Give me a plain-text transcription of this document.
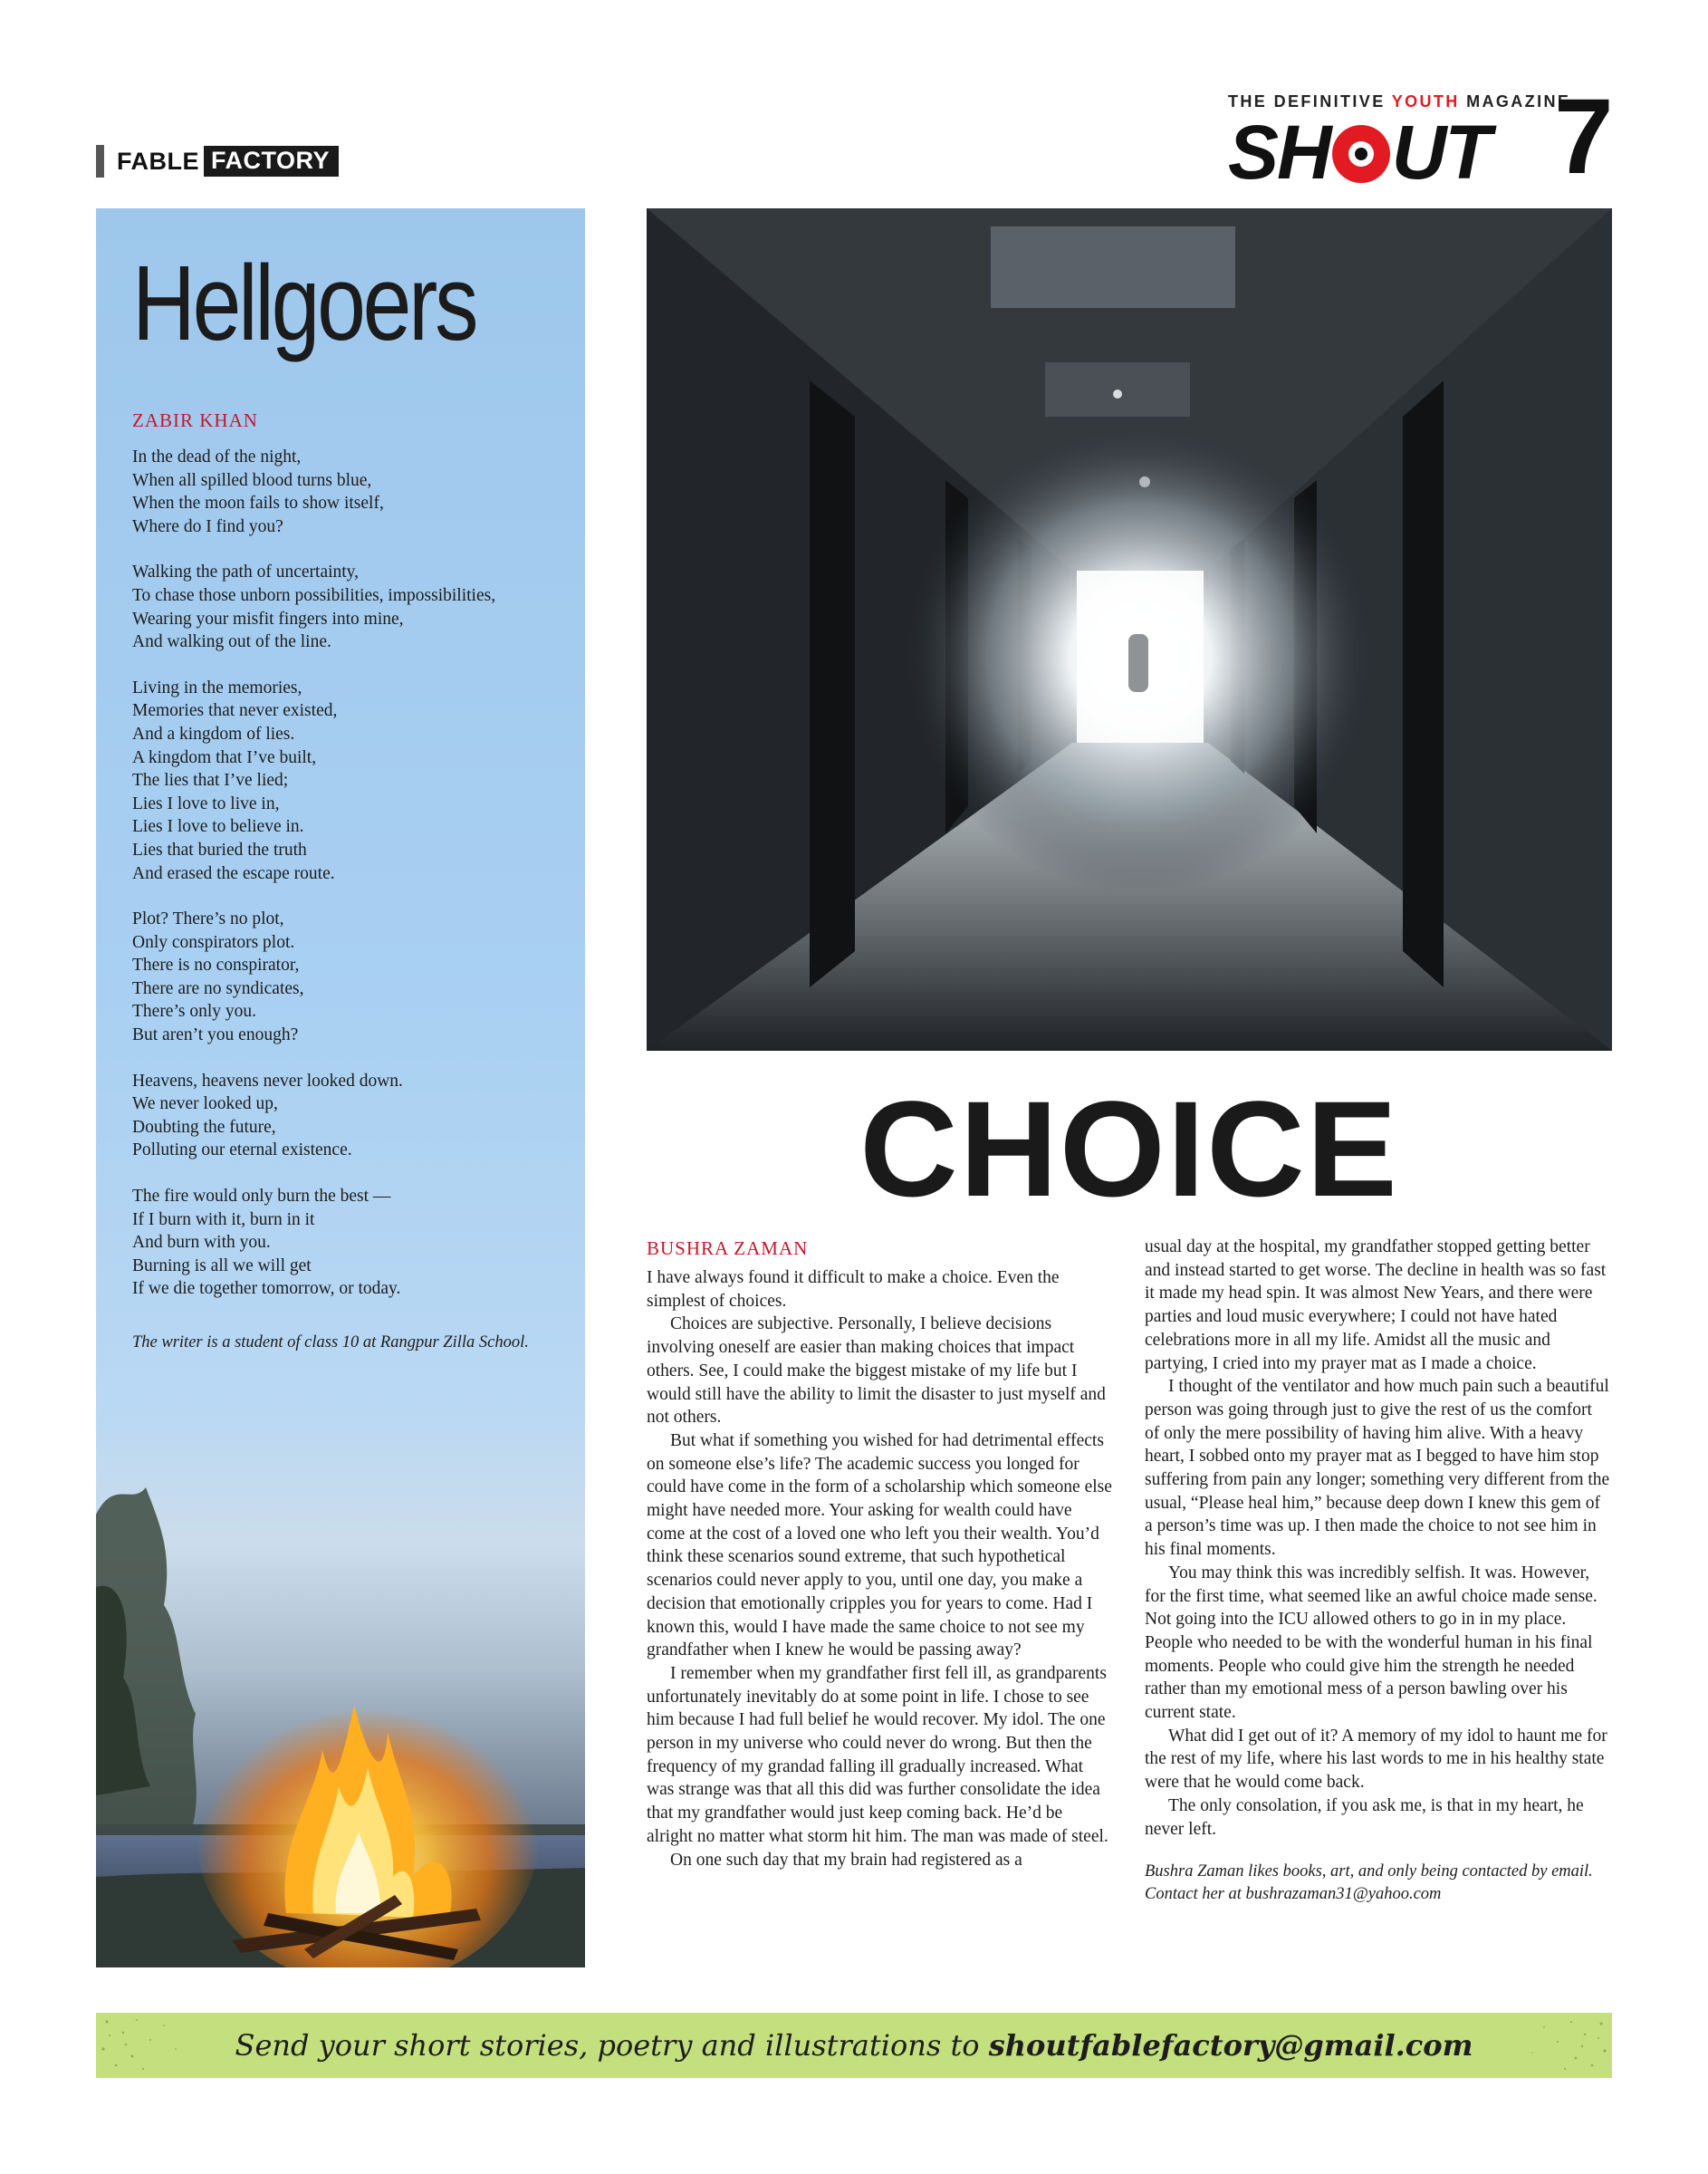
FABLE FACTORY
THE DEFINITIVE YOUTH MAGAZINE
SH UT 7
Hellgoers
ZABIR KHAN
In the dead of the night,
When all spilled blood turns blue,
When the moon fails to show itself,
Where do I find you?
Walking the path of uncertainty,
To chase those unborn possibilities, impossibilities,
Wearing your misfit fingers into mine,
And walking out of the line.
Living in the memories,
Memories that never existed,
And a kingdom of lies.
A kingdom that I’ve built,
The lies that I’ve lied;
Lies I love to live in,
Lies I love to believe in.
Lies that buried the truth
And erased the escape route.
Plot? There’s no plot,
Only conspirators plot.
There is no conspirator,
There are no syndicates,
There’s only you.
But aren’t you enough?
Heavens, heavens never looked down.
We never looked up,
Doubting the future,
Polluting our eternal existence.
The fire would only burn the best —
If I burn with it, burn in it
And burn with you.
Burning is all we will get
If we die together tomorrow, or today.
The writer is a student of class 10 at Rangpur Zilla School.
CHOICE
BUSHRA ZAMAN

I have always found it difficult to make a choice. Even the simplest of choices.

Choices are subjective. Personally, I believe decisions involving oneself are easier than making choices that impact others. See, I could make the biggest mistake of my life but I would still have the ability to limit the disaster to just myself and not others.

But what if something you wished for had detrimental effects on someone else’s life? The academic success you longed for could have come in the form of a scholarship which someone else might have needed more. Your asking for wealth could have come at the cost of a loved one who left you their wealth. You’d think these scenarios sound extreme, that such hypothetical scenarios could never apply to you, until one day, you make a decision that emotionally cripples you for years to come. Had I known this, would I have made the same choice to not see my grandfather when I knew he would be passing away?

I remember when my grandfather first fell ill, as grandparents unfortunately inevitably do at some point in life. I chose to see him because I had full belief he would recover. My idol. The one person in my universe who could never do wrong. But then the frequency of my grandad falling ill gradually increased. What was strange was that all this did was further consolidate the idea that my grandfather would just keep coming back. He’d be alright no matter what storm hit him. The man was made of steel.

On one such day that my brain had registered as a

usual day at the hospital, my grandfather stopped getting better and instead started to get worse. The decline in health was so fast it made my head spin. It was almost New Years, and there were parties and loud music everywhere; I could not have hated celebrations more in all my life. Amidst all the music and partying, I cried into my prayer mat as I made a choice.

I thought of the ventilator and how much pain such a beautiful person was going through just to give the rest of us the comfort of only the mere possibility of having him alive. With a heavy heart, I sobbed onto my prayer mat as I begged to have him stop suffering from pain any longer; something very different from the usual, “Please heal him,” because deep down I knew this gem of a person’s time was up. I then made the choice to not see him in his final moments.

You may think this was incredibly selfish. It was. However, for the first time, what seemed like an awful choice made sense. Not going into the ICU allowed others to go in in my place. People who needed to be with the wonderful human in his final moments. People who could give him the strength he needed rather than my emotional mess of a person bawling over his current state.

What did I get out of it? A memory of my idol to haunt me for the rest of my life, where his last words to me in his healthy state were that he would come back.

The only consolation, if you ask me, is that in my heart, he never left.

Bushra Zaman likes books, art, and only being contacted by email. Contact her at bushrazaman31@yahoo.com
Send your short stories, poetry and illustrations to shoutfablefactory@gmail.com
